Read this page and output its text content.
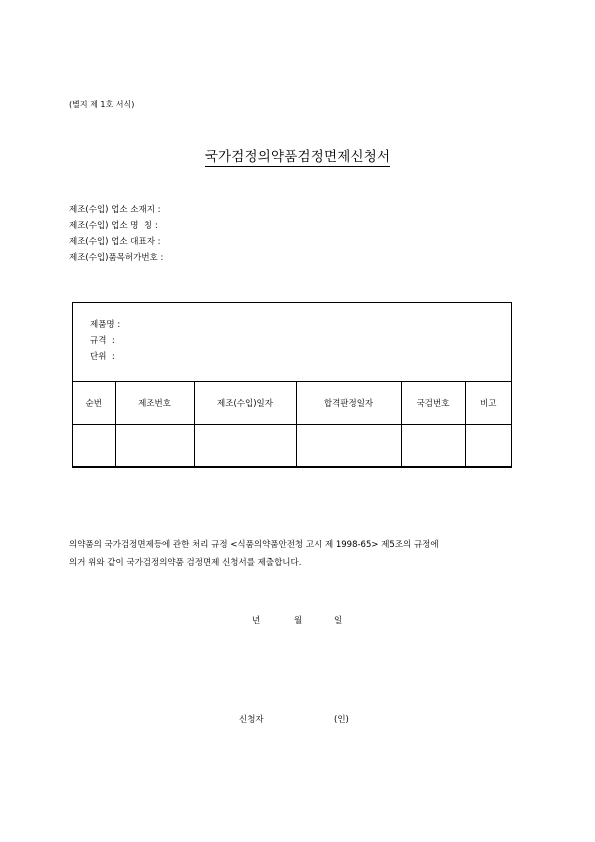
(별지 제 1호 서식)
국가검정의약품검정면제신청서
제조(수입) 업소 소재지 :
제조(수입) 업소 명  칭 :
제조(수입) 업소 대표자 :
제조(수입)품목허가번호 :
제품명 :
규격  :
단위  :
순번	제조번호	제조(수입)일자	합격판정일자	국검번호	비고

의약품의 국가검정면제등에 관한 처리 규정 <식품의약품안전청 고시 제 1998-65> 제5조의 규정에
의거 위와 같이 국가검정의약품 검정면제 신청서를 제출합니다.
년	월	일
신청자	(인)
